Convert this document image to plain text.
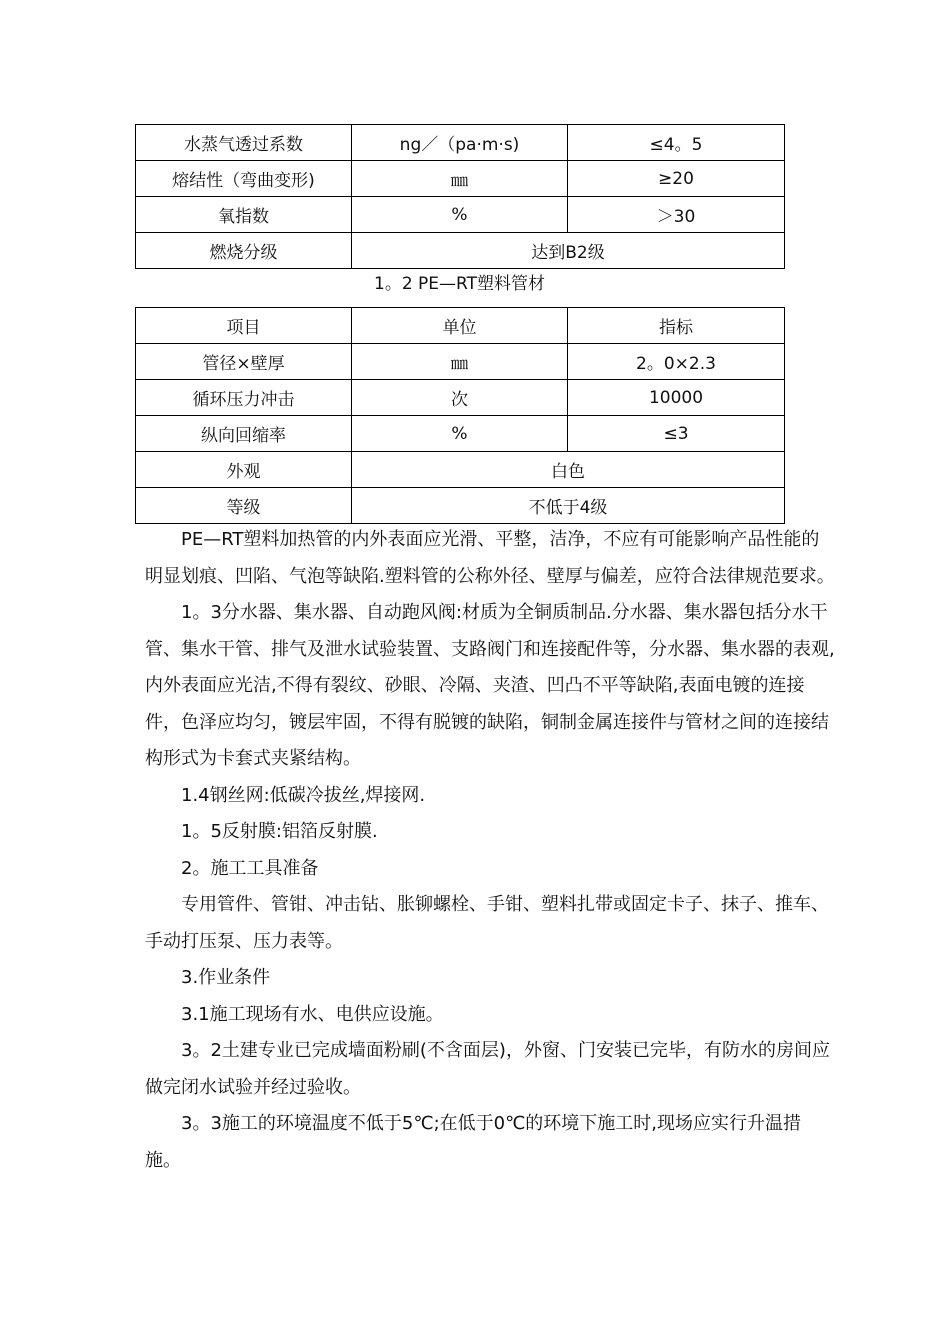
水蒸气透过系数	ng／（pa·m·s)	≤4。5
熔结性（弯曲变形)	㎜	≥20
氧指数	%	＞30
燃烧分级	达到B2级	
1。2 PE—RT塑料管材
项目	单位	指标
管径×壁厚	㎜	2。0×2.3
循环压力冲击	次	10000
纵向回缩率	%	≤3
外观	白色	
等级	不低于4级	

PE—RT塑料加热管的内外表面应光滑、平整，洁净，不应有可能影响产品性能的明显划痕、凹陷、气泡等缺陷.塑料管的公称外径、壁厚与偏差，应符合法律规范要求。

1。3分水器、集水器、自动跑风阀:材质为全铜质制品.分水器、集水器包括分水干管、集水干管、排气及泄水试验装置、支路阀门和连接配件等，分水器、集水器的表观,内外表面应光洁,不得有裂纹、砂眼、冷隔、夹渣、凹凸不平等缺陷,表面电镀的连接件，色泽应均匀，镀层牢固，不得有脱镀的缺陷，铜制金属连接件与管材之间的连接结构形式为卡套式夹紧结构。

1.4钢丝网:低碳冷拔丝,焊接网.

1。5反射膜:铝箔反射膜.

2。施工工具准备

专用管件、管钳、冲击钻、胀铆螺栓、手钳、塑料扎带或固定卡子、抹子、推车、手动打压泵、压力表等。

3.作业条件

3.1施工现场有水、电供应设施。

3。2土建专业已完成墙面粉刷(不含面层)，外窗、门安装已完毕，有防水的房间应做完闭水试验并经过验收。

3。3施工的环境温度不低于5℃;在低于0℃的环境下施工时,现场应实行升温措施。
